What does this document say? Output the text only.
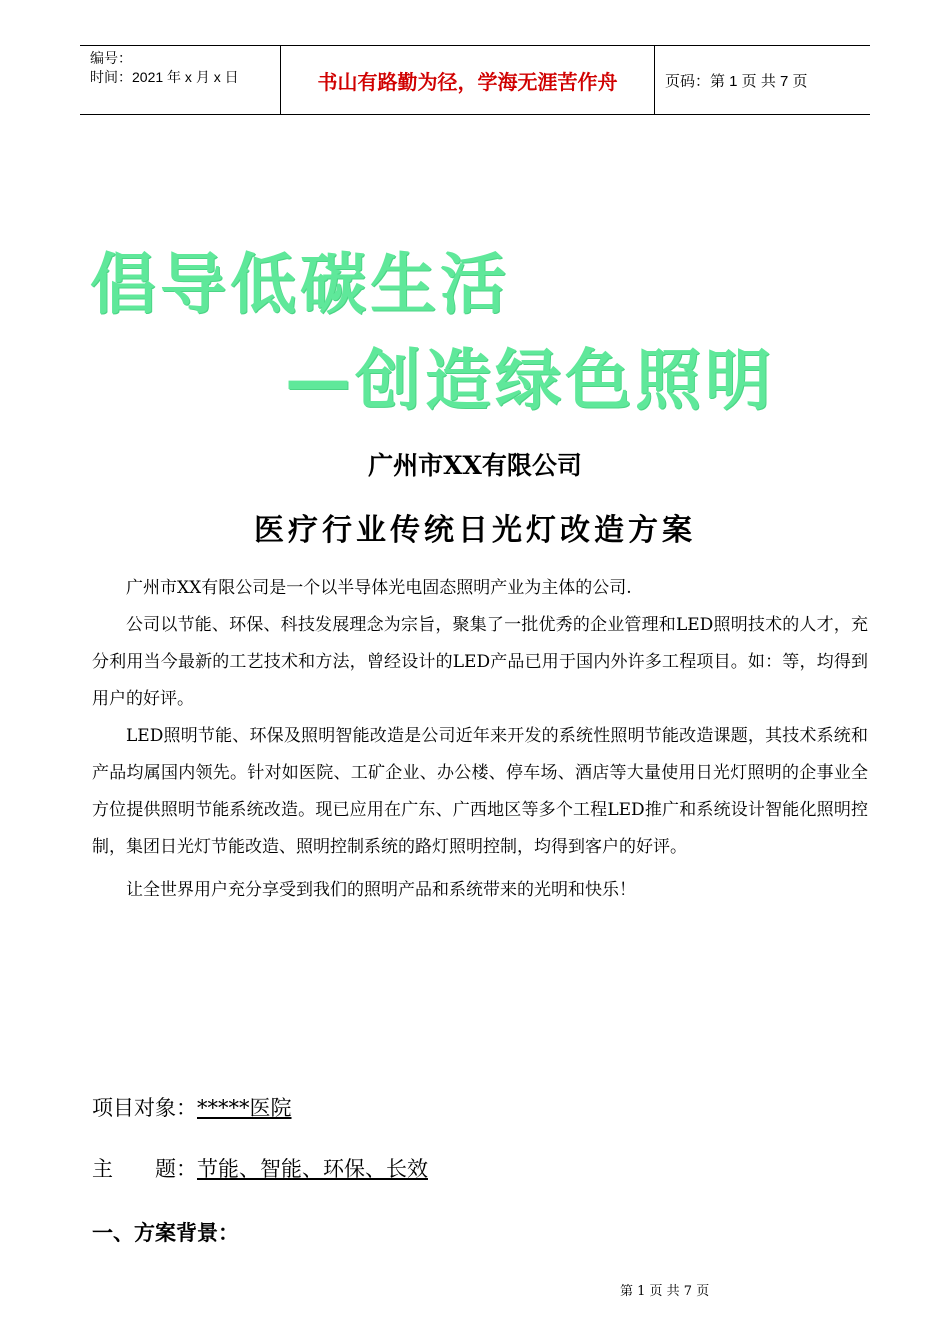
编号：
时间：2021 年 x 月 x 日	书山有路勤为径，学海无涯苦作舟	页码：第 1 页 共 7 页
倡导低碳生活
—创造绿色照明
广州市XX有限公司
医疗行业传统日光灯改造方案

广州市XX有限公司是一个以半导体光电固态照明产业为主体的公司.

公司以节能、环保、科技发展理念为宗旨，聚集了一批优秀的企业管理和LED照明技术的人才，充分利用当今最新的工艺技术和方法，曾经设计的LED产品已用于国内外许多工程项目。如：等，均得到用户的好评。

LED照明节能、环保及照明智能改造是公司近年来开发的系统性照明节能改造课题，其技术系统和产品均属国内领先。针对如医院、工矿企业、办公楼、停车场、酒店等大量使用日光灯照明的企事业全方位提供照明节能系统改造。现已应用在广东、广西地区等多个工程LED推广和系统设计智能化照明控制，集团日光灯节能改造、照明控制系统的路灯照明控制，均得到客户的好评。

让全世界用户充分享受到我们的照明产品和系统带来的光明和快乐！

项目对象：*****医院
主　　题：节能、智能、环保、长效
一、方案背景：
第 1 页 共 7 页
